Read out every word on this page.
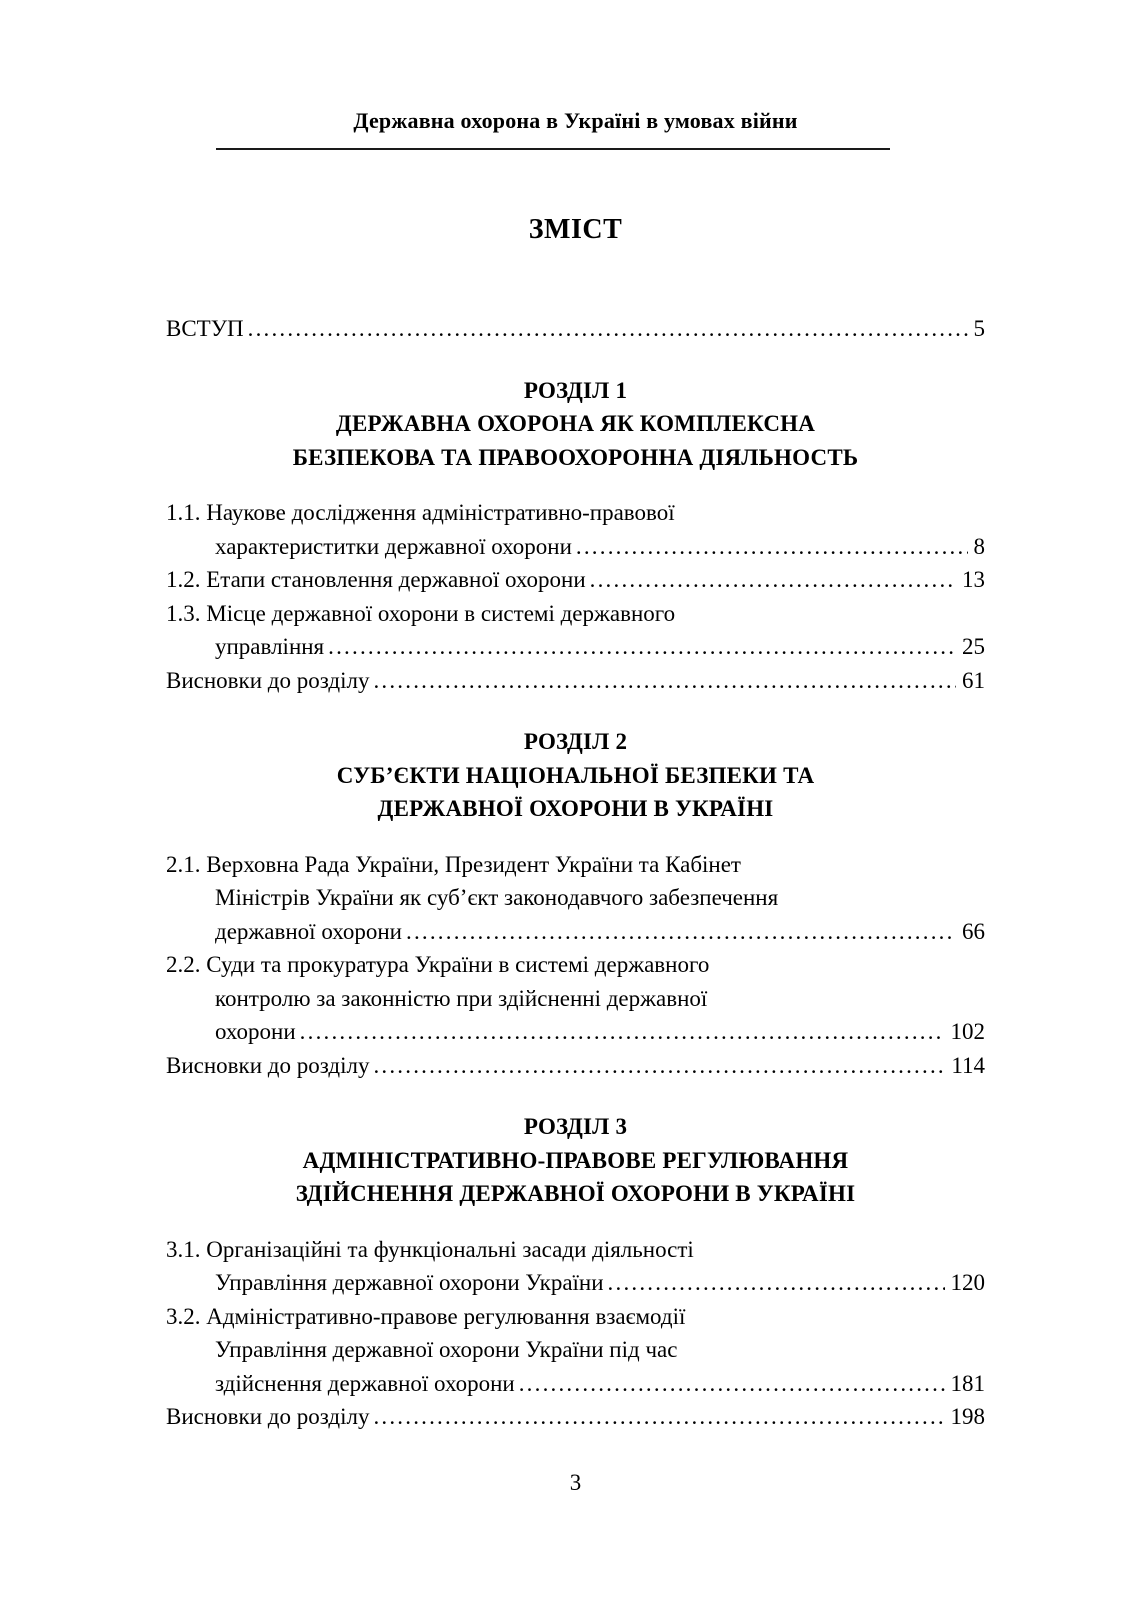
Державна охорона в Україні в умовах війни
ЗМІСТ
ВСТУП .....	5
РОЗДІЛ 1
ДЕРЖАВНА ОХОРОНА ЯК КОМПЛЕКСНА
БЕЗПЕКОВА ТА ПРАВООХОРОННА ДІЯЛЬНОСТЬ
1.1. Наукове дослідження адміністративно-правової
характериститки державної охорони .....	8
1.2. Етапи становлення державної охорони .....	13
1.3. Місце державної охорони в системі державного
управління .....	25
Висновки до розділу .....	61
РОЗДІЛ 2
СУБ’ЄКТИ НАЦІОНАЛЬНОЇ БЕЗПЕКИ ТА
ДЕРЖАВНОЇ ОХОРОНИ В УКРАЇНІ
2.1. Верховна Рада України, Президент України та Кабінет
Міністрів України як суб’єкт законодавчого забезпечення
державної охорони .....	66
2.2. Суди та прокуратура України в системі державного
контролю за законністю при здійсненні державної
охорони .....	102
Висновки до розділу .....	114
РОЗДІЛ 3
АДМІНІСТРАТИВНО-ПРАВОВЕ РЕГУЛЮВАННЯ
ЗДІЙСНЕННЯ ДЕРЖАВНОЇ ОХОРОНИ В УКРАЇНІ
3.1. Організаційні та функціональні засади діяльності
Управління державної охорони України .....	120
3.2. Адміністративно-правове регулювання взаємодії
Управління державної охорони України під час
здійснення державної охорони .....	181
Висновки до розділу .....	198
3
